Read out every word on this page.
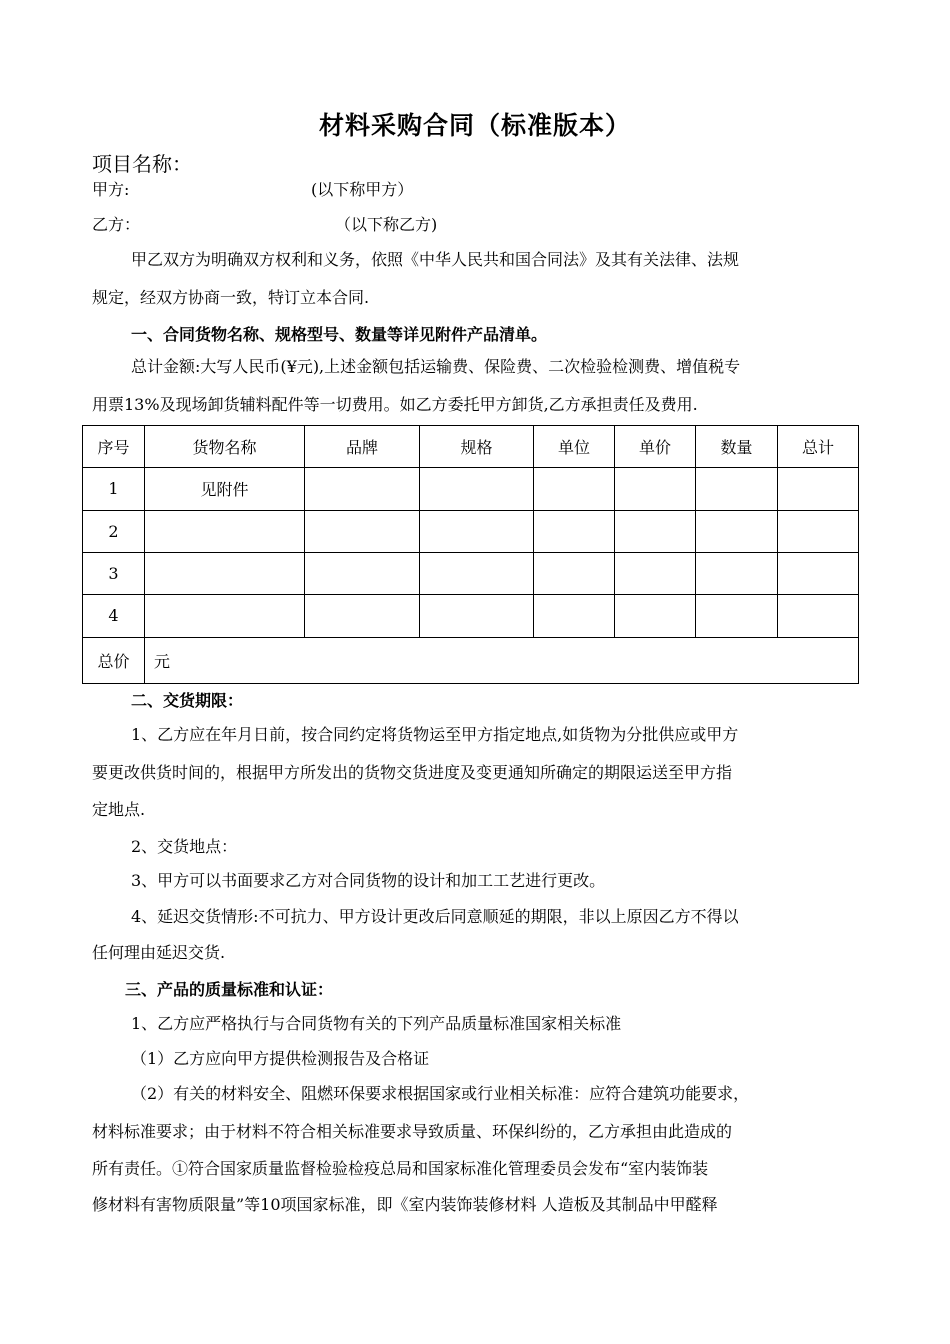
材料采购合同（标准版本）
项目名称：
甲方:	(以下称甲方）
乙方：	（以下称乙方)
甲乙双方为明确双方权利和义务，依照《中华人民共和国合同法》及其有关法律、法规
规定，经双方协商一致，特订立本合同.
一、合同货物名称、规格型号、数量等详见附件产品清单。
总计金额:大写人民币(¥元),上述金额包括运输费、保险费、二次检验检测费、增值税专
用票13%及现场卸货辅料配件等一切费用。如乙方委托甲方卸货,乙方承担责任及费用.
序号	货物名称	品牌	规格	单位	单价	数量	总计
1	见附件						
2							
3							
4							
总价	元						
二、交货期限：
1、乙方应在年月日前，按合同约定将货物运至甲方指定地点,如货物为分批供应或甲方
要更改供货时间的，根据甲方所发出的货物交货进度及变更通知所确定的期限运送至甲方指
定地点.
2、交货地点：
3、甲方可以书面要求乙方对合同货物的设计和加工工艺进行更改。
4、延迟交货情形:不可抗力、甲方设计更改后同意顺延的期限，非以上原因乙方不得以
任何理由延迟交货.
三、产品的质量标准和认证：
1、乙方应严格执行与合同货物有关的下列产品质量标准国家相关标准
（1）乙方应向甲方提供检测报告及合格证
（2）有关的材料安全、阻燃环保要求根据国家或行业相关标准：应符合建筑功能要求，
材料标准要求；由于材料不符合相关标准要求导致质量、环保纠纷的，乙方承担由此造成的
所有责任。①符合国家质量监督检验检疫总局和国家标准化管理委员会发布“室内装饰装
修材料有害物质限量”等10项国家标准，即《室内装饰装修材料 人造板及其制品中甲醛释
